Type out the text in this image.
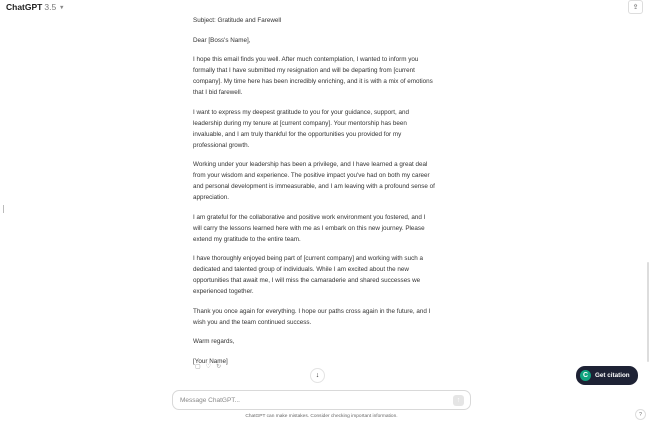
ChatGPT 3.5 ▾	⇪
Subject: Gratitude and Farewell
Dear [Boss's Name],
I hope this email finds you well. After much contemplation, I wanted to inform you
formally that I have submitted my resignation and will be departing from [current
company]. My time here has been incredibly enriching, and it is with a mix of emotions
that I bid farewell.
I want to express my deepest gratitude to you for your guidance, support, and
leadership during my tenure at [current company]. Your mentorship has been
invaluable, and I am truly thankful for the opportunities you provided for my
professional growth.
Working under your leadership has been a privilege, and I have learned a great deal
from your wisdom and experience. The positive impact you've had on both my career
and personal development is immeasurable, and I am leaving with a profound sense of
appreciation.
I am grateful for the collaborative and positive work environment you fostered, and I
will carry the lessons learned here with me as I embark on this new journey. Please
extend my gratitude to the entire team.
I have thoroughly enjoyed being part of [current company] and working with such a
dedicated and talented group of individuals. While I am excited about the new
opportunities that await me, I will miss the camaraderie and shared successes we
experienced together.
Thank you once again for everything. I hope our paths cross again in the future, and I
wish you and the team continued success.
Warm regards,
[Your Name]
▢ ♡ ↻
↓
Message ChatGPT...	↑
ChatGPT can make mistakes. Consider checking important information.
C	Get citation
?
